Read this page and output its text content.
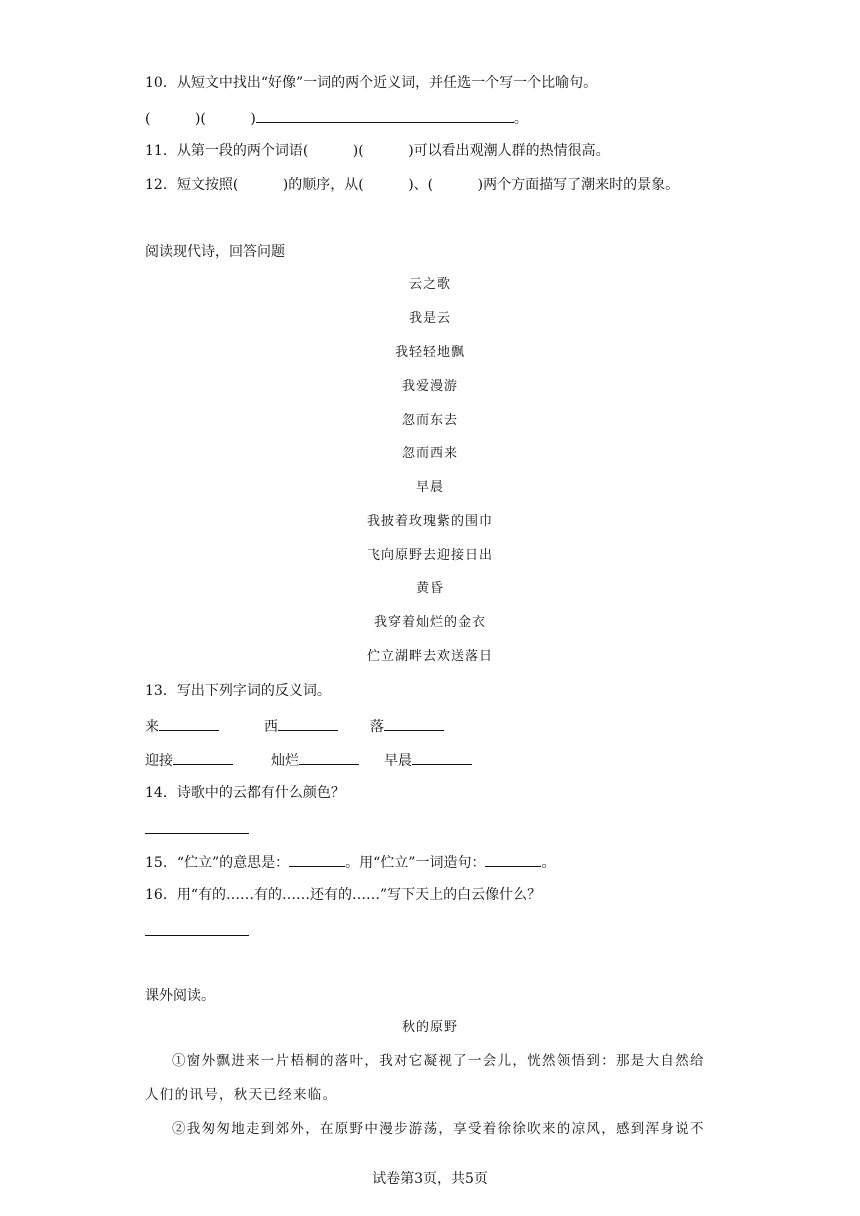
10．从短文中找出“好像”一词的两个近义词，并任选一个写一个比喻句。
(          )(          )	。
11．从第一段的两个词语(          )(          )可以看出观潮人群的热情很高。
12．短文按照(          )的顺序，从(          )、(          )两个方面描写了潮来时的景象。
阅读现代诗，回答问题
云之歌
我是云
我轻轻地飘
我爱漫游
忽而东去
忽而西来
早晨
我披着玫瑰紫的围巾
飞向原野去迎接日出
黄昏
我穿着灿烂的金衣
伫立湖畔去欢送落日
13．写出下列字词的反义词。
来	西	落
迎接	灿烂	早晨
14．诗歌中的云都有什么颜色？
15．“伫立”的意思是：	。用“伫立”一词造句：	。
16．用“有的……有的……还有的……”写下天上的白云像什么？
课外阅读。
秋的原野
①窗外飘进来一片梧桐的落叶，我对它凝视了一会儿，恍然领悟到：那是大自然给
人们的讯号，秋天已经来临。
②我匆匆地走到郊外，在原野中漫步游荡，享受着徐徐吹来的凉风，感到浑身说不
试卷第3页，共5页
